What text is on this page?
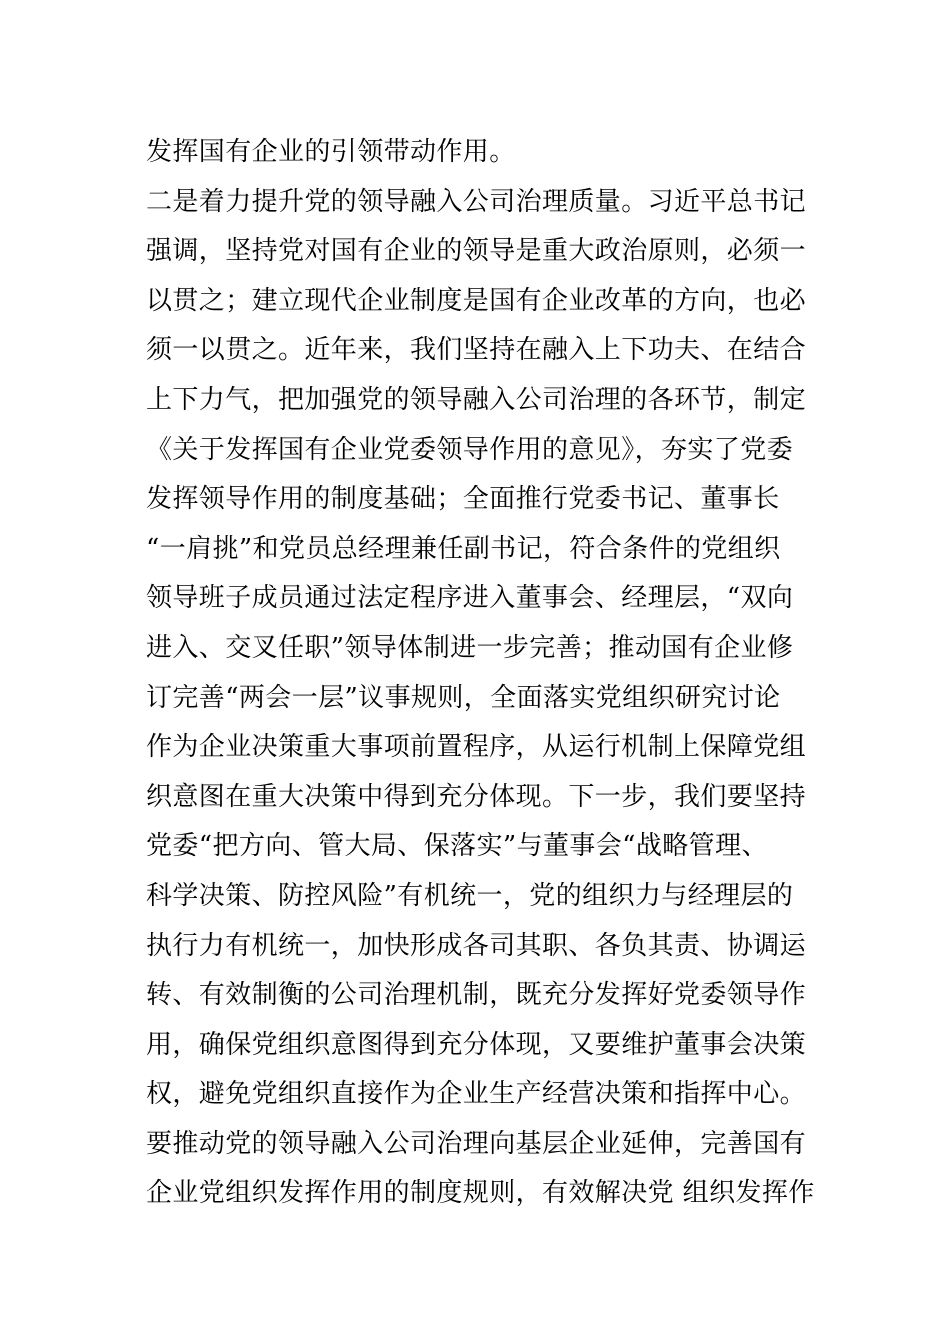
发挥国有企业的引领带动作用。
二是着力提升党的领导融入公司治理质量。习近平总书记
强调，坚持党对国有企业的领导是重大政治原则，必须一
以贯之；建立现代企业制度是国有企业改革的方向，也必
须一以贯之。近年来，我们坚持在融入上下功夫、在结合
上下力气，把加强党的领导融入公司治理的各环节，制定
《关于发挥国有企业党委领导作用的意见》，夯实了党委
发挥领导作用的制度基础；全面推行党委书记、董事长
“一肩挑”和党员总经理兼任副书记，符合条件的党组织
领导班子成员通过法定程序进入董事会、经理层，“双向
进入、交叉任职”领导体制进一步完善；推动国有企业修
订完善“两会一层”议事规则，全面落实党组织研究讨论
作为企业决策重大事项前置程序，从运行机制上保障党组
织意图在重大决策中得到充分体现。下一步，我们要坚持
党委“把方向、管大局、保落实”与董事会“战略管理、
科学决策、防控风险”有机统一，党的组织力与经理层的
执行力有机统一，加快形成各司其职、各负其责、协调运
转、有效制衡的公司治理机制，既充分发挥好党委领导作
用，确保党组织意图得到充分体现，又要维护董事会决策
权，避免党组织直接作为企业生产经营决策和指挥中心。
要推动党的领导融入公司治理向基层企业延伸，完善国有
企业党组织发挥作用的制度规则，有效解决党 组织发挥作
